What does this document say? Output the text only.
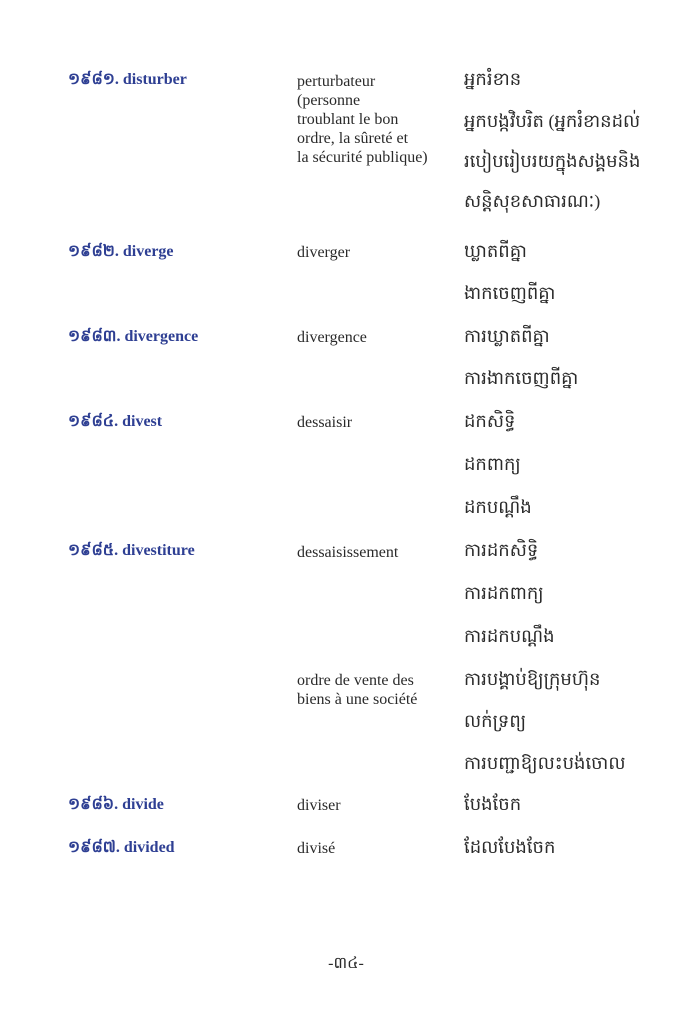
១៩៨១. disturber	perturbateur
(personne
troublant le bon
ordre, la sûreté et
la sécurité publique)
អ្នករំខាន
អ្នកបង្កវិបរិត (អ្នករំខានដល់
របៀបរៀបរយក្នុងសង្គមនិង
សន្តិសុខសាធារណៈ)
១៩៨២. diverge	diverger	ឃ្លាតពីគ្នា
ងាកចេញពីគ្នា
១៩៨៣. divergence	divergence	ការឃ្លាតពីគ្នា
ការងាកចេញពីគ្នា
១៩៨៤. divest	dessaisir	ដកសិទ្ធិ
ដកពាក្យ
ដកបណ្ដឹង
១៩៨៥. divestiture	dessaisissement	ការដកសិទ្ធិ
ការដកពាក្យ
ការដកបណ្ដឹង
ordre de vente des
biens à une société
ការបង្គាប់ឱ្យក្រុមហ៊ុន
លក់ទ្រព្យ
ការបញ្ជាឱ្យលះបង់ចោល
១៩៨៦. divide	diviser	បែងចែក
១៩៨៧. divided	divisé	ដែលបែងចែក
-៣៤-
